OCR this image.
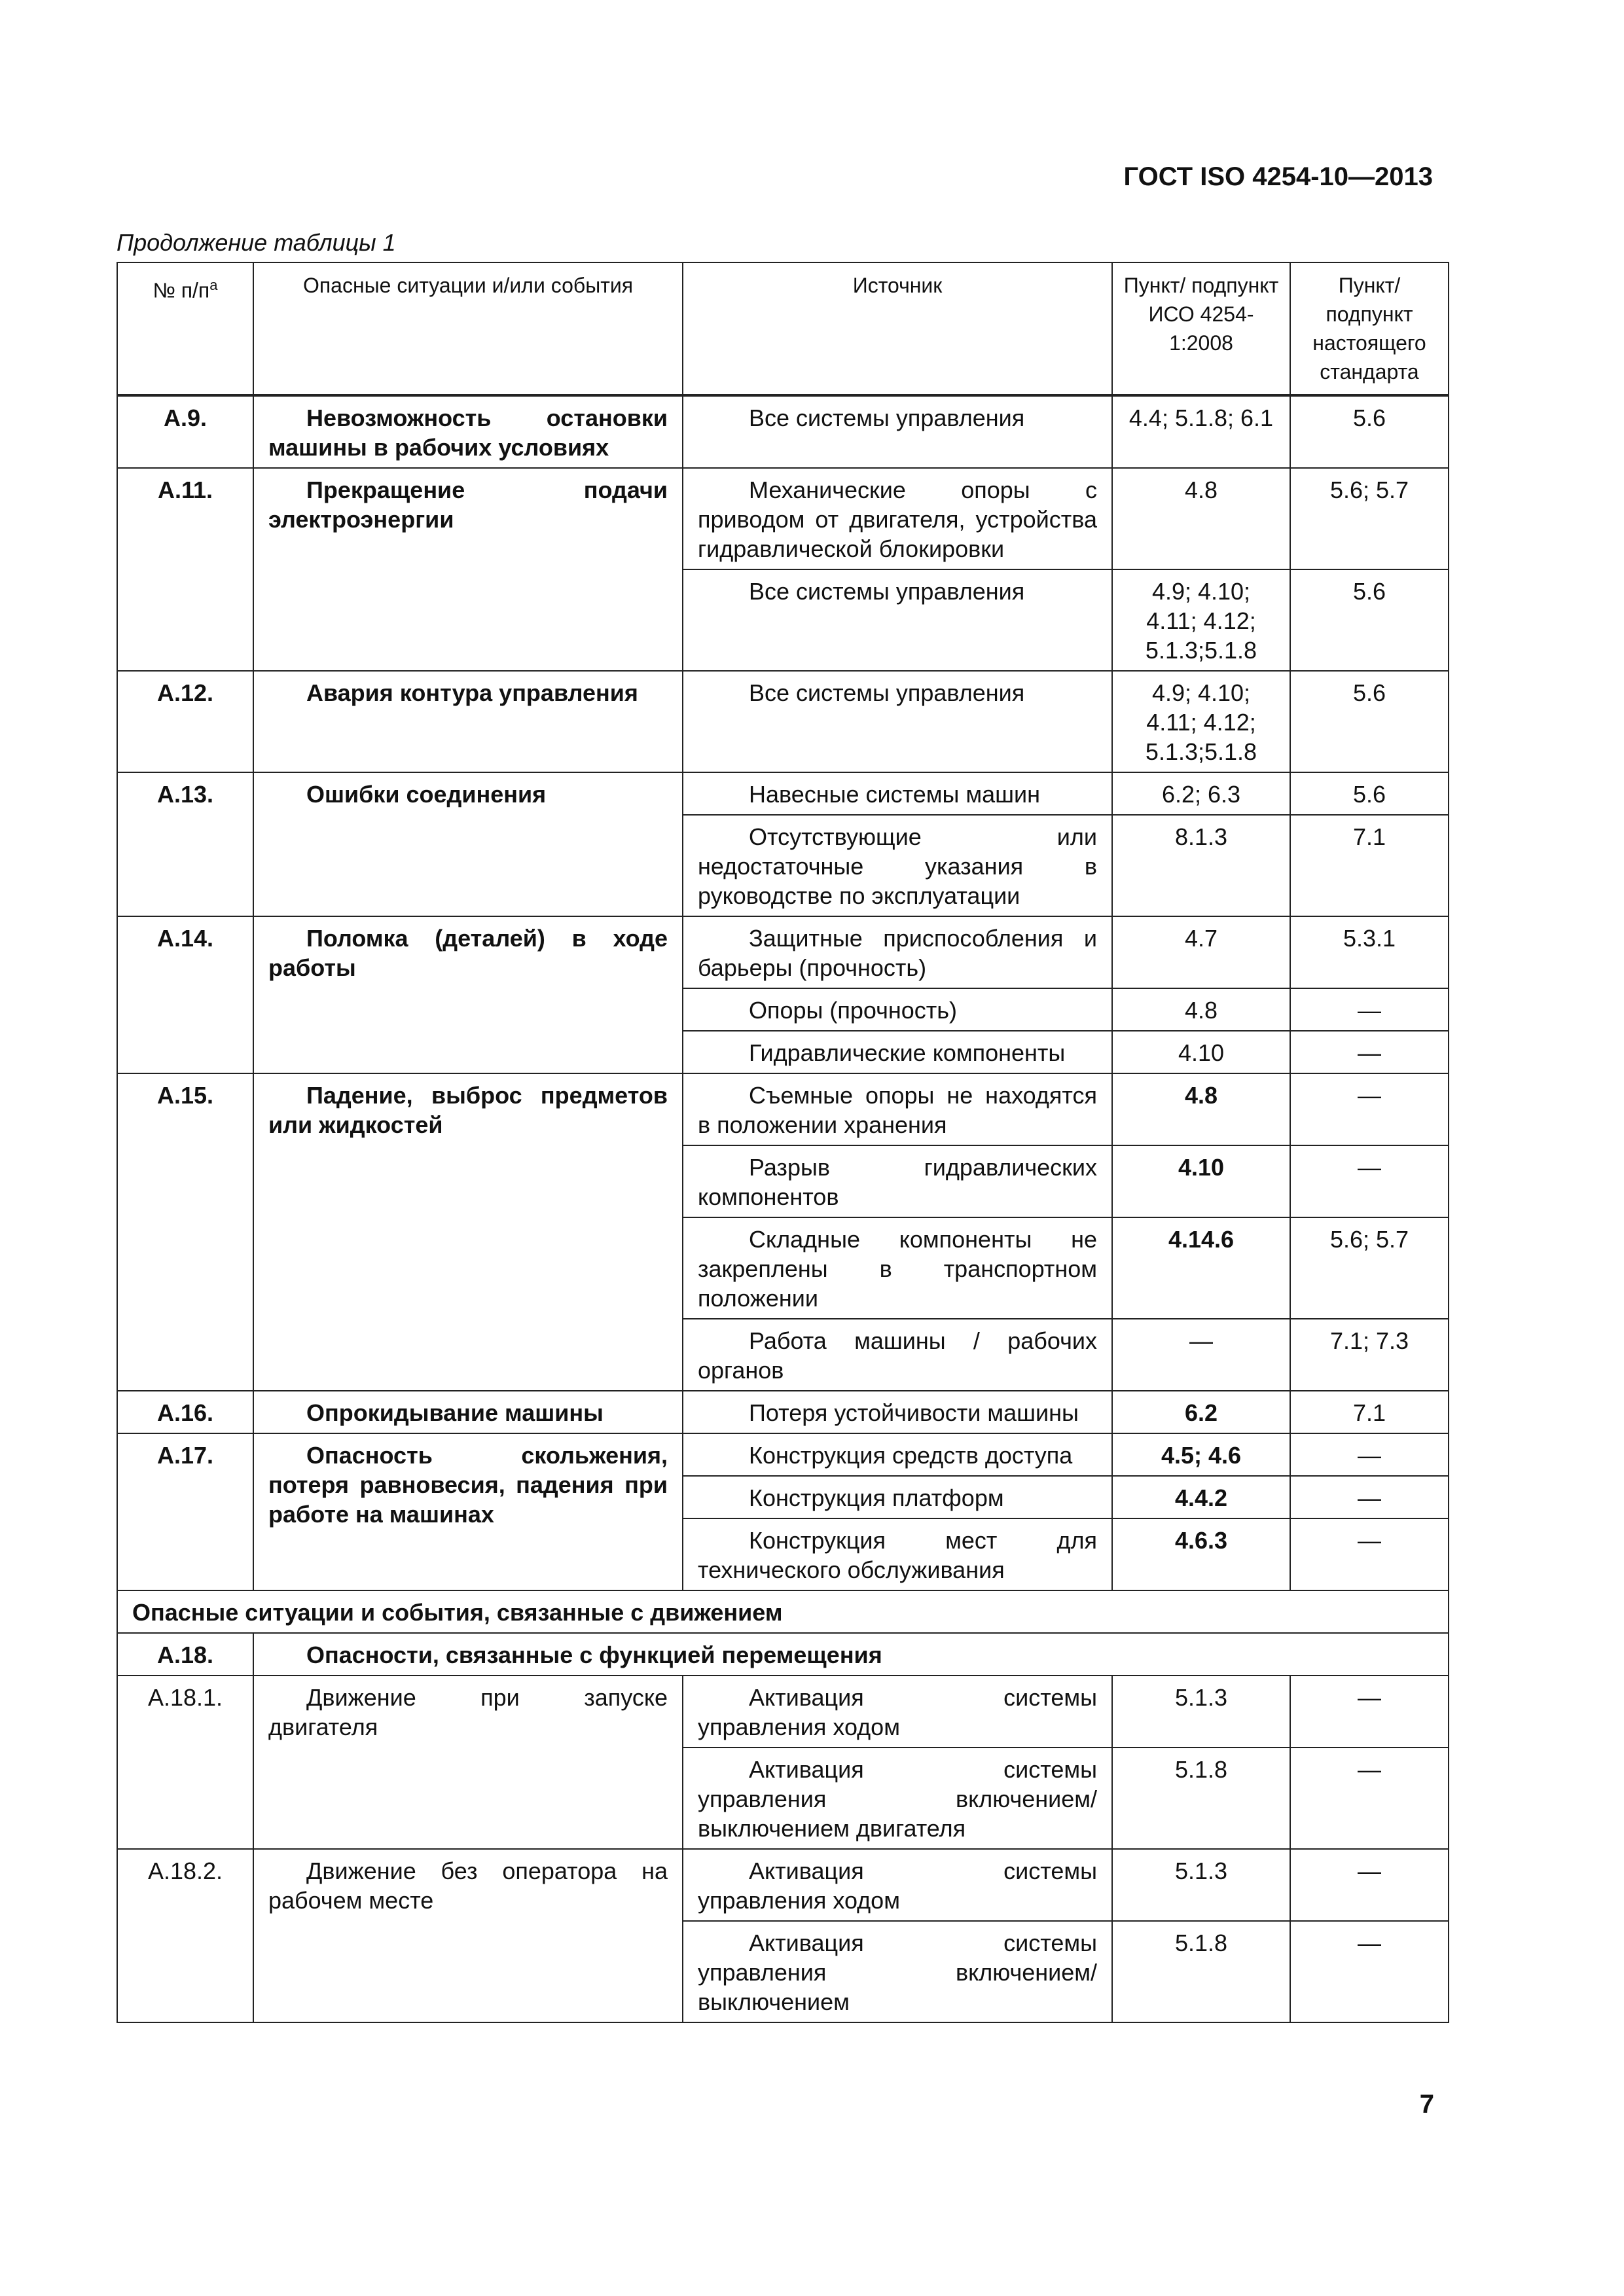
ГОСТ ISO 4254-10—2013
Продолжение таблицы 1
№ $п/п^а$	Опасные ситуации и/или события	Источник	Пункт/ подпункт ИСО 4254-1:2008	Пункт/ подпункт настоящего стандарта
A.9.	Невозможность остановки машины в рабочих условиях	Все системы управления	4.4; 5.1.8; 6.1	5.6
A.11.	Прекращение подачи электроэнергии	Механические опоры с приводом от двигателя, устройства гидравлической блокировки	4.8	5.6; 5.7
		Все системы управления	4.9; 4.10; 4.11; 4.12; 5.1.3;5.1.8	5.6
A.12.	Авария контура управления	Все системы управления	4.9; 4.10; 4.11; 4.12; 5.1.3;5.1.8	5.6
A.13.	Ошибки соединения	Навесные системы машин	6.2; 6.3	5.6
		Отсутствующие или недостаточные указания в руководстве по эксплуатации	8.1.3	7.1
A.14.	Поломка (деталей) в ходе работы	Защитные приспособления и барьеры (прочность)	4.7	5.3.1
		Опоры (прочность)	4.8	—
		Гидравлические компоненты	4.10	—
A.15.	Падение, выброс предметов или жидкостей	Съемные опоры не находятся в положении хранения	4.8	—
		Разрыв гидравлических компонентов	4.10	—
		Складные компоненты не закреплены в транспортном положении	4.14.6	5.6; 5.7
		Работа машины / рабочих органов	—	7.1; 7.3
A.16.	Опрокидывание машины	Потеря устойчивости машины	6.2	7.1
A.17.	Опасность скольжения, потеря равновесия, падения при работе на машинах	Конструкция средств доступа	4.5; 4.6	—
		Конструкция платформ	4.4.2	—
		Конструкция мест для технического обслуживания	4.6.3	—
Опасные ситуации и события, связанные с движением				
A.18.	Опасности, связанные с функцией перемещения			
A.18.1.	Движение при запуске двигателя	Активация системы управления ходом	5.1.3	—
		Активация системы управления включением/выключением двигателя	5.1.8	—
A.18.2.	Движение без оператора на рабочем месте	Активация системы управления ходом	5.1.3	—
		Активация системы управления включением/выключением	5.1.8	—
7
